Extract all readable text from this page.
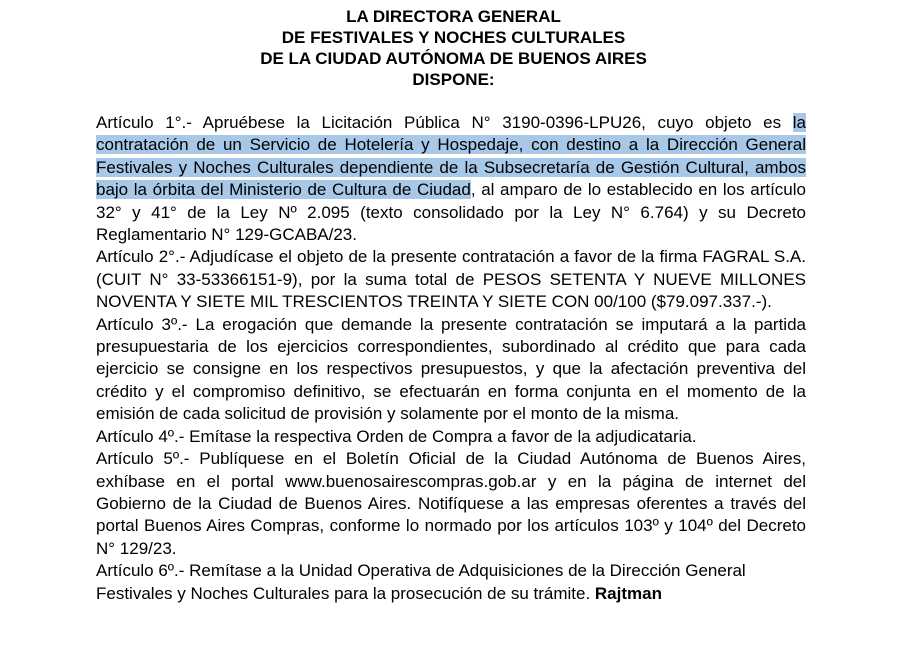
LA DIRECTORA GENERAL
DE FESTIVALES Y NOCHES CULTURALES
DE LA CIUDAD AUTÓNOMA DE BUENOS AIRES
DISPONE:

Artículo 1°.- Apruébese la Licitación Pública N° 3190-0396-LPU26, cuyo objeto es la contratación de un Servicio de Hotelería y Hospedaje, con destino a la Dirección General Festivales y Noches Culturales dependiente de la Subsecretaría de Gestión Cultural, ambos bajo la órbita del Ministerio de Cultura de Ciudad, al amparo de lo establecido en los artículo 32° y 41° de la Ley Nº 2.095 (texto consolidado por la Ley N° 6.764) y su Decreto Reglamentario N° 129-GCABA/23.

Artículo 2°.- Adjudícase el objeto de la presente contratación a favor de la firma FAGRAL S.A. (CUIT N° 33-53366151-9), por la suma total de PESOS SETENTA Y NUEVE MILLONES NOVENTA Y SIETE MIL TRESCIENTOS TREINTA Y SIETE CON 00/100 ($79.097.337.-).

Artículo 3º.- La erogación que demande la presente contratación se imputará a la partida presupuestaria de los ejercicios correspondientes, subordinado al crédito que para cada ejercicio se consigne en los respectivos presupuestos, y que la afectación preventiva del crédito y el compromiso definitivo, se efectuarán en forma conjunta en el momento de la emisión de cada solicitud de provisión y solamente por el monto de la misma.

Artículo 4º.- Emítase la respectiva Orden de Compra a favor de la adjudicataria.

Artículo 5º.- Publíquese en el Boletín Oficial de la Ciudad Autónoma de Buenos Aires, exhíbase en el portal www.buenosairescompras.gob.ar y en la página de internet del Gobierno de la Ciudad de Buenos Aires. Notifíquese a las empresas oferentes a través del portal Buenos Aires Compras, conforme lo normado por los artículos 103º y 104º del Decreto N° 129/23.

Artículo 6º.- Remítase a la Unidad Operativa de Adquisiciones de la Dirección General Festivales y Noches Culturales para la prosecución de su trámite. Rajtman
